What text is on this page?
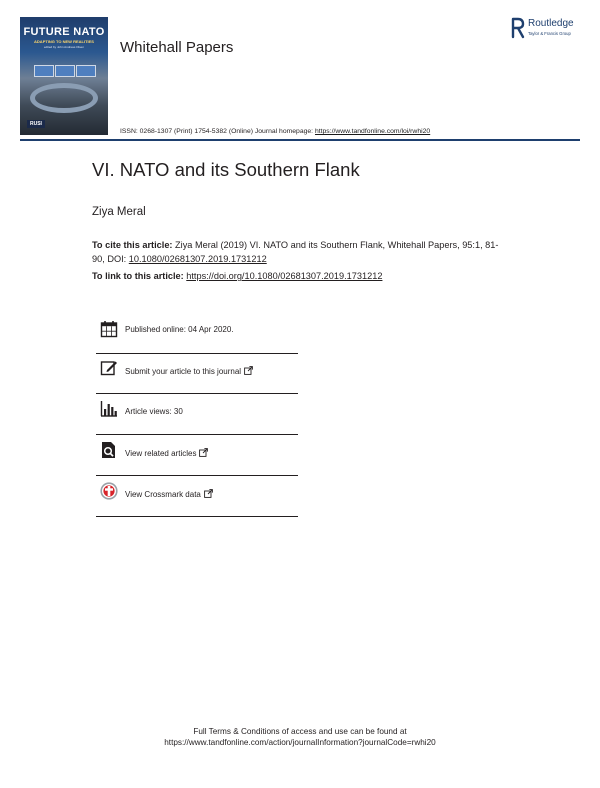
FUTURE NATO
ADAPTING TO NEW REALITIES
edited by John Andreas Olsen
RUSI
Whitehall Papers
ISSN: 0268-1307 (Print) 1754-5382 (Online) Journal homepage: https://www.tandfonline.com/loi/rwhi20
Routledge
Taylor & Francis Group
VI. NATO and its Southern Flank
Ziya Meral
To cite this article: Ziya Meral (2019) VI. NATO and its Southern Flank, Whitehall Papers, 95:1, 81-90, DOI: 10.1080/02681307.2019.1731212
To link to this article: https://doi.org/10.1080/02681307.2019.1731212
Published online: 04 Apr 2020.
Submit your article to this journal
Article views: 30
View related articles
View Crossmark data
Full Terms & Conditions of access and use can be found at
https://www.tandfonline.com/action/journalInformation?journalCode=rwhi20
